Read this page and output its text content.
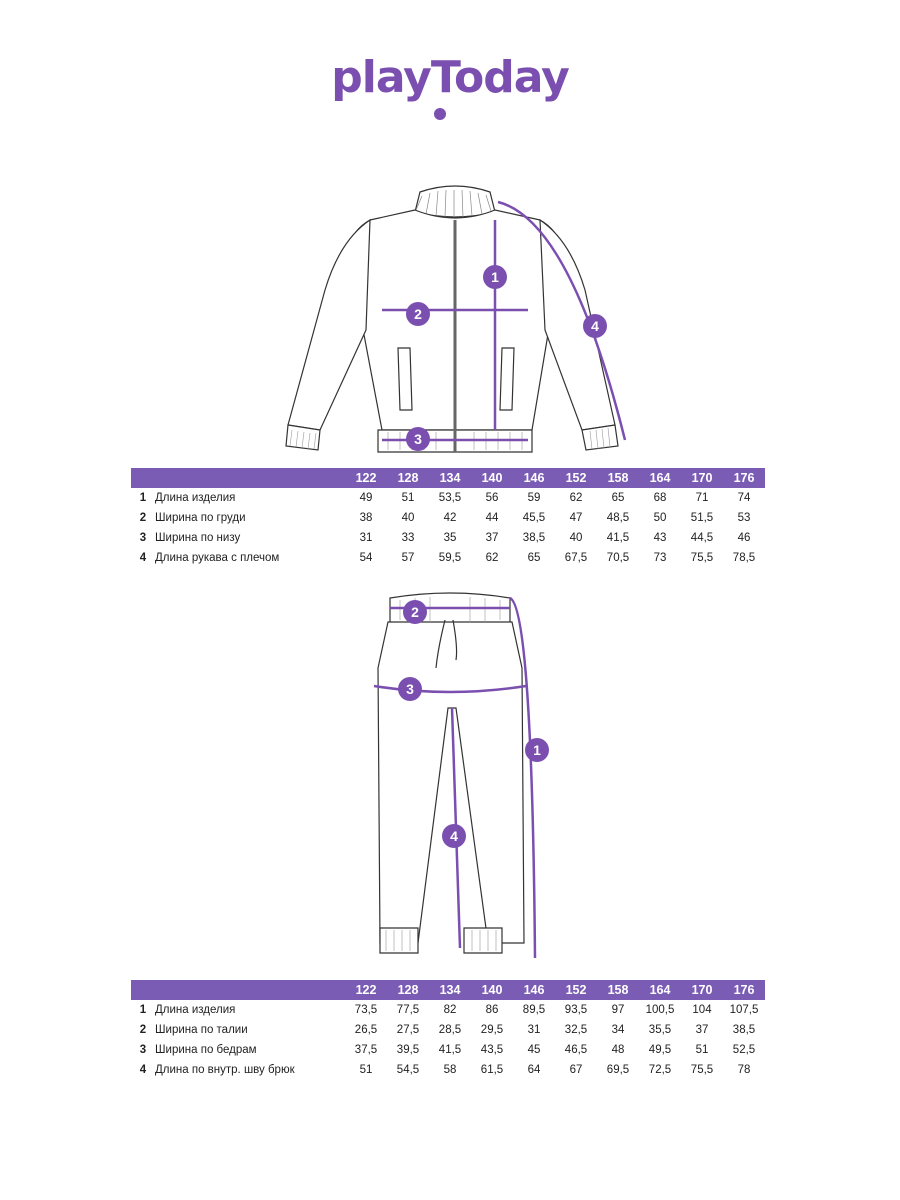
playToday
1
2
3
4
		122	128	134	140	146	152	158	164	170	176
1	Длина изделия	49	51	53,5	56	59	62	65	68	71	74
2	Ширина по груди	38	40	42	44	45,5	47	48,5	50	51,5	53
3	Ширина по низу	31	33	35	37	38,5	40	41,5	43	44,5	46
4	Длина рукава с плечом	54	57	59,5	62	65	67,5	70,5	73	75,5	78,5
2
3
1
4
		122	128	134	140	146	152	158	164	170	176
1	Длина изделия	73,5	77,5	82	86	89,5	93,5	97	100,5	104	107,5
2	Ширина по талии	26,5	27,5	28,5	29,5	31	32,5	34	35,5	37	38,5
3	Ширина по бедрам	37,5	39,5	41,5	43,5	45	46,5	48	49,5	51	52,5
4	Длина по внутр. шву брюк	51	54,5	58	61,5	64	67	69,5	72,5	75,5	78
